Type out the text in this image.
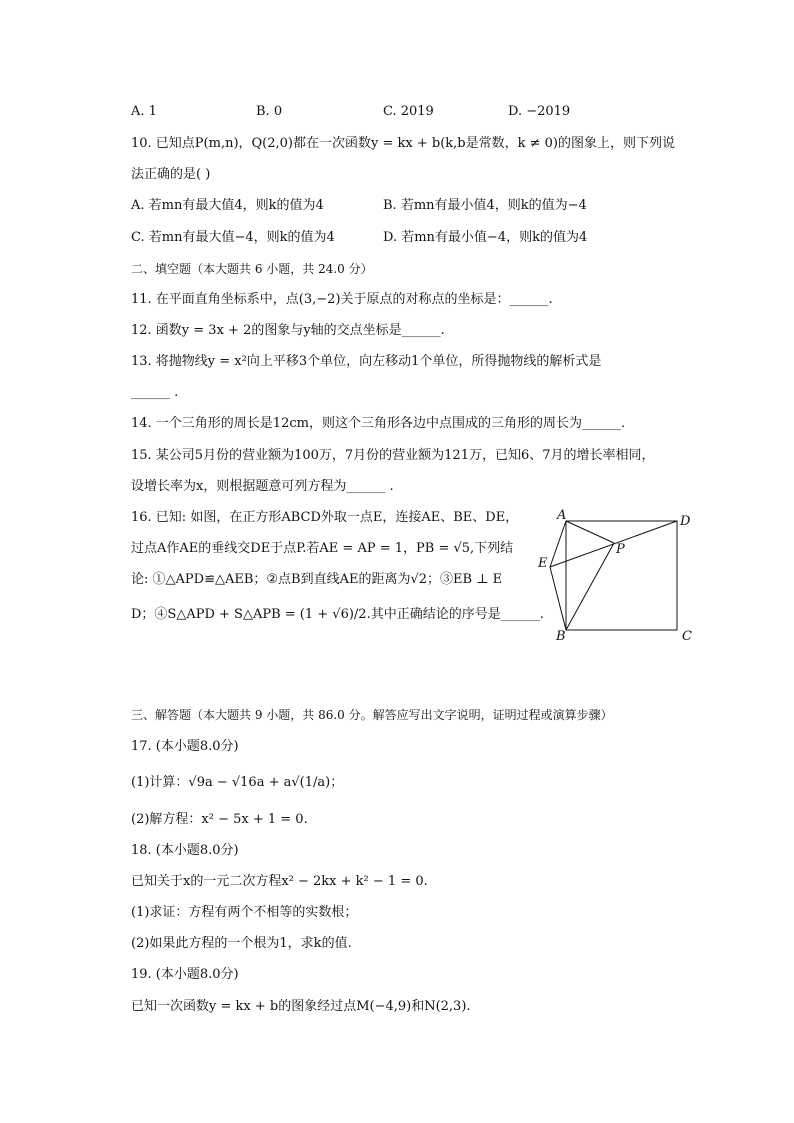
A. 1	B. 0	C. 2019	D. −2019
10. 已知点P(m,n)，Q(2,0)都在一次函数y = kx + b(k,b是常数，k ≠ 0)的图象上，则下列说
法正确的是( )
A. 若mn有最大值4，则k的值为4	B. 若mn有最小值4，则k的值为−4
C. 若mn有最大值−4，则k的值为4	D. 若mn有最小值−4，则k的值为4
二、填空题（本大题共 6 小题，共 24.0 分）
11. 在平面直角坐标系中，点(3,−2)关于原点的对称点的坐标是：______.
12. 函数y = 3x + 2的图象与y轴的交点坐标是______.
13. 将抛物线y = x²向上平移3个单位，向左移动1个单位，所得抛物线的解析式是
______ .
14. 一个三角形的周长是12cm，则这个三角形各边中点围成的三角形的周长为______.
15. 某公司5月份的营业额为100万，7月份的营业额为121万，已知6、7月的增长率相同，
设增长率为x，则根据题意可列方程为______ .
16. 已知: 如图，在正方形ABCD外取一点E，连接AE、BE、DE，
过点A作AE的垂线交DE于点P.若AE = AP = 1，PB = √5,下列结
论: ①△APD≌△AEB；②点B到直线AE的距离为√2；③EB ⊥ E
D；④S△APD + S△APB = (1 + √6)/2.其中正确结论的序号是______.
A	D
E
P
B	C
三、解答题（本大题共 9 小题，共 86.0 分。解答应写出文字说明，证明过程或演算步骤）
17. (本小题8.0分)
(1)计算：√9a − √16a + a√(1/a)；
(2)解方程：x² − 5x + 1 = 0.
18. (本小题8.0分)
已知关于x的一元二次方程x² − 2kx + k² − 1 = 0.
(1)求证：方程有两个不相等的实数根；
(2)如果此方程的一个根为1，求k的值.
19. (本小题8.0分)
已知一次函数y = kx + b的图象经过点M(−4,9)和N(2,3).
